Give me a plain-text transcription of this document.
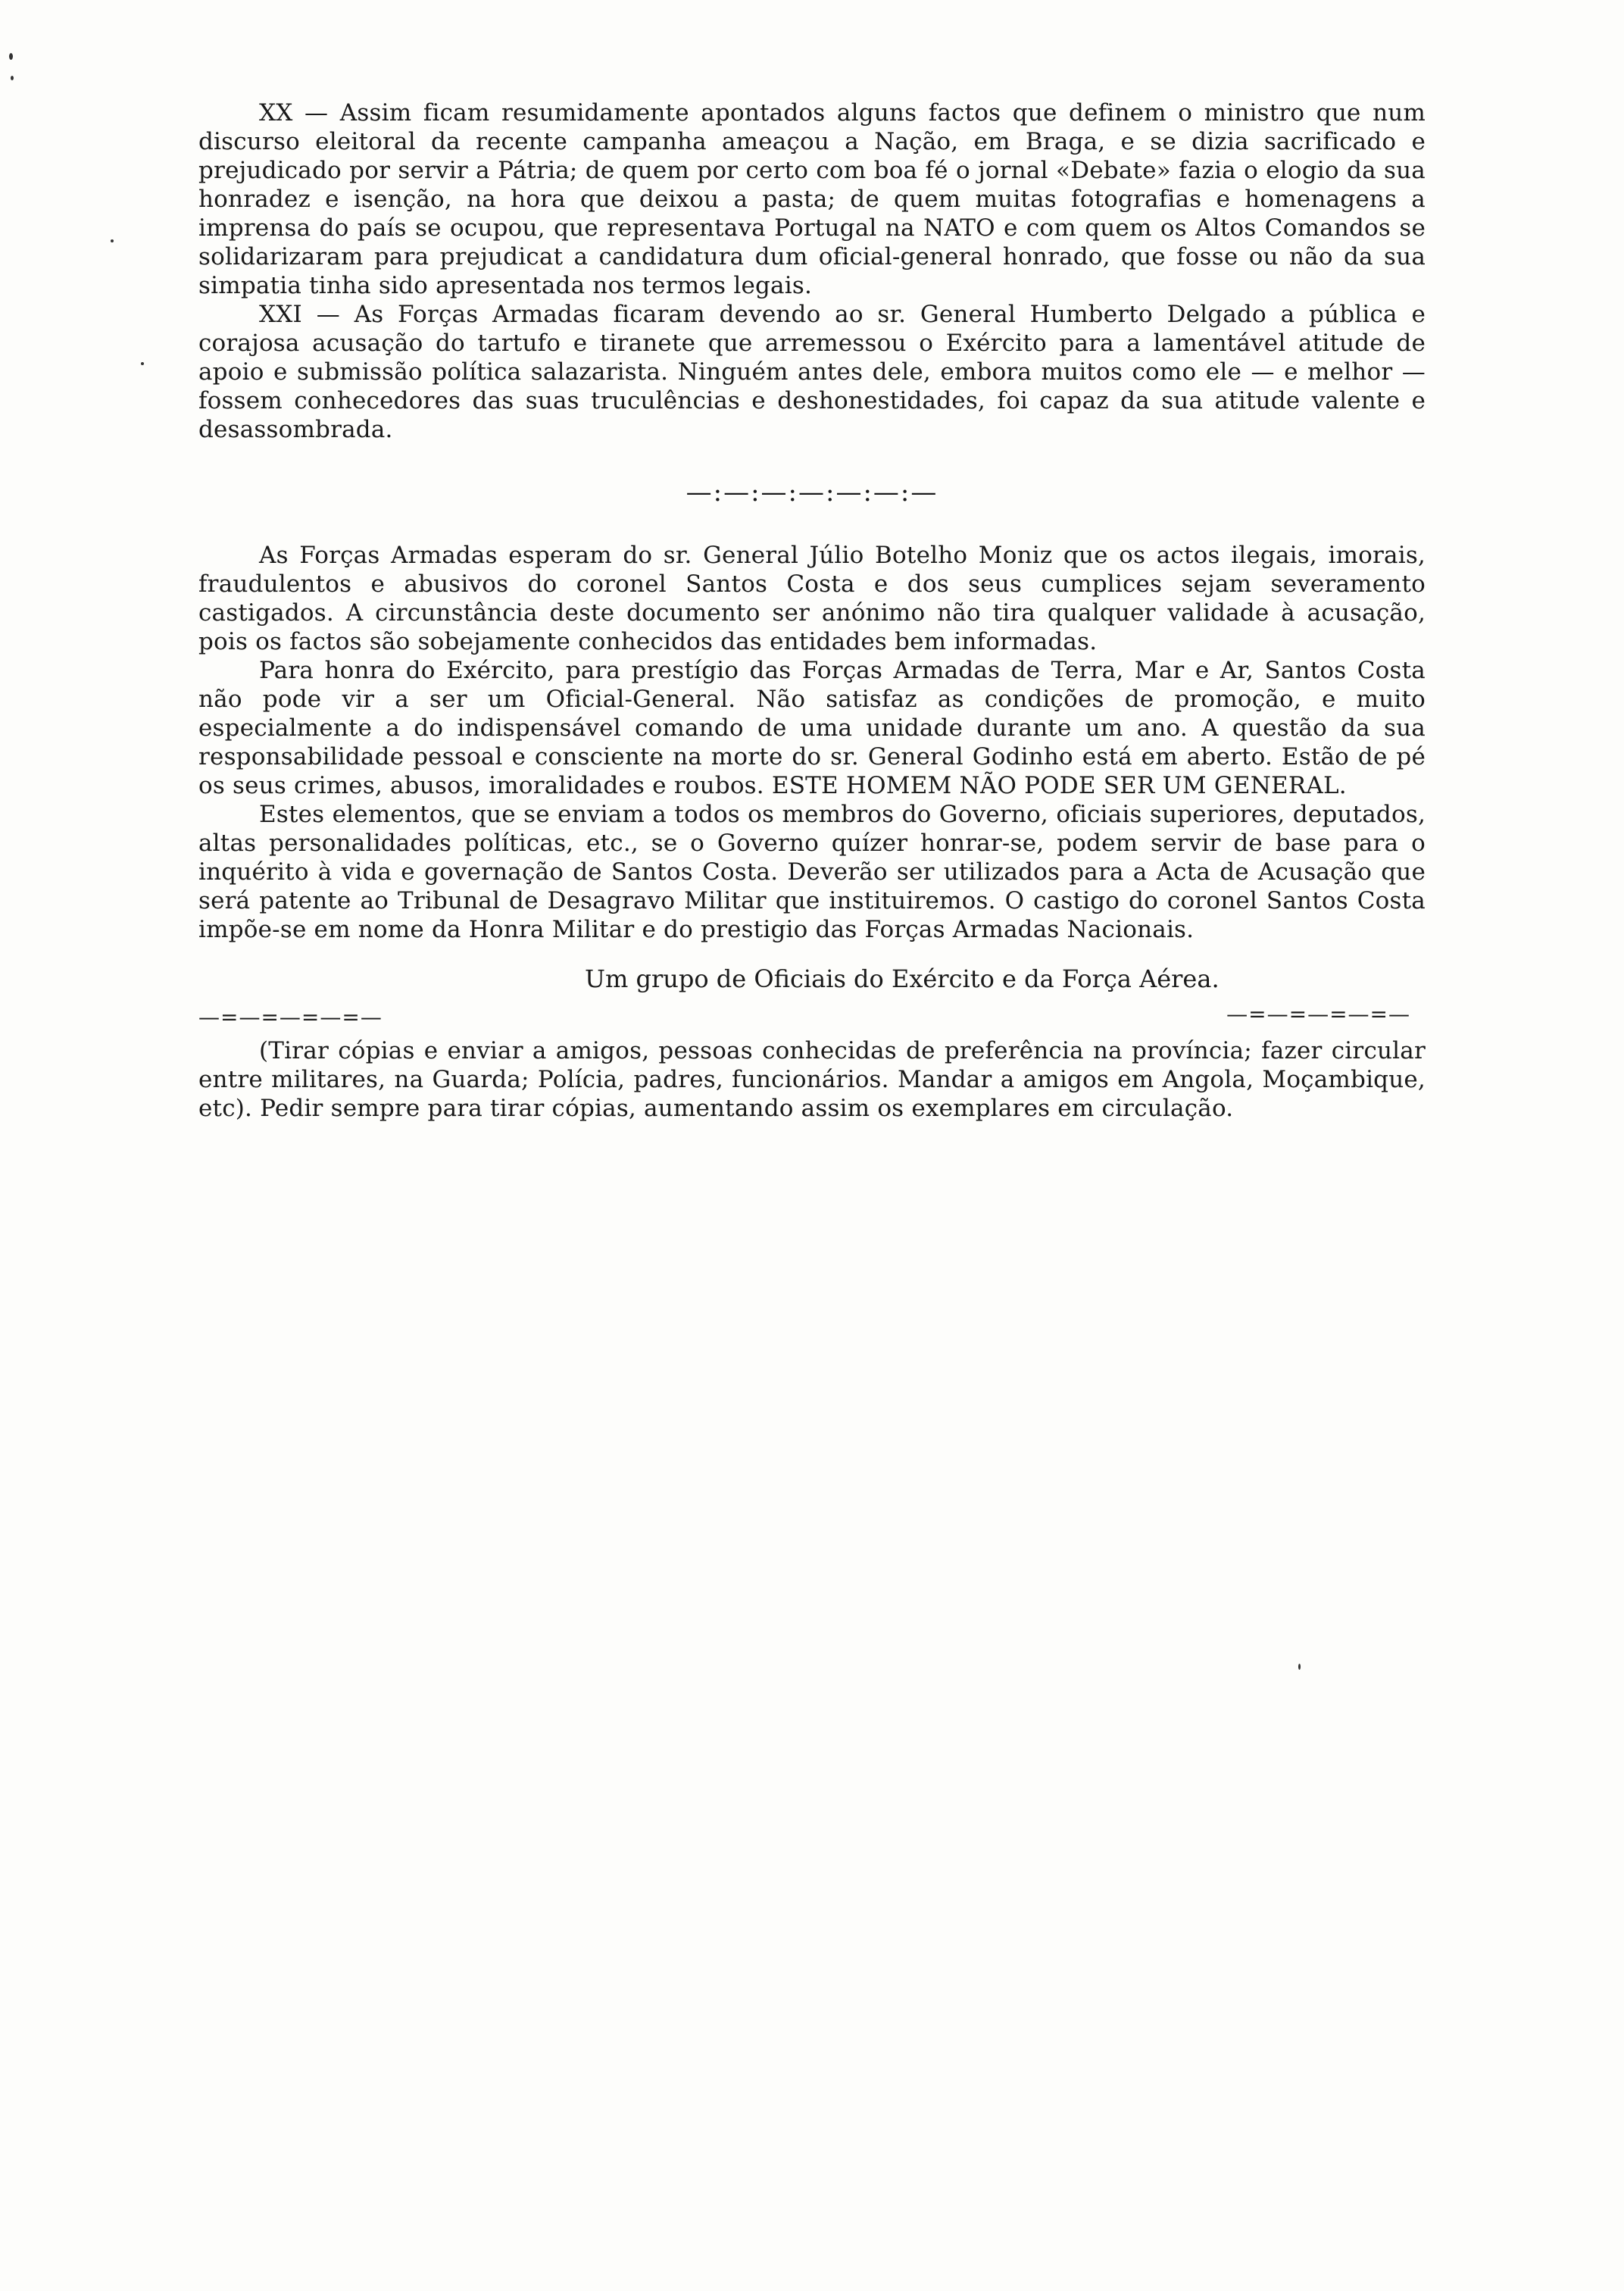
XX — Assim ficam resumidamente apontados alguns factos que definem o ministro que num discurso eleitoral da recente campanha ameaçou a Nação, em Braga, e se dizia sacrificado e prejudicado por servir a Pátria; de quem por certo com boa fé o jornal «Debate» fazia o elogio da sua honradez e isenção, na hora que deixou a pasta; de quem muitas fotografias e homenagens a imprensa do país se ocupou, que representava Portugal na NATO e com quem os Altos Comandos se solidarizaram para prejudicat a candidatura dum oficial-general honrado, que fosse ou não da sua simpatia tinha sido apresentada nos termos legais.

XXI — As Forças Armadas ficaram devendo ao sr. General Humberto Delgado a pública e corajosa acusação do tartufo e tiranete que arremessou o Exército para a lamentável atitude de apoio e submissão política salazarista. Ninguém antes dele, embora muitos como ele — e melhor — fossem conhecedores das suas truculências e deshonestidades, foi capaz da sua atitude valente e desassombrada.

—:—:—:—:—:—:—

As Forças Armadas esperam do sr. General Júlio Botelho Moniz que os actos ilegais, imorais, fraudulentos e abusivos do coronel Santos Costa e dos seus cumplices sejam severamento castigados. A circunstância deste documento ser anónimo não tira qualquer validade à acusação, pois os factos são sobejamente conhecidos das entidades bem informadas.

Para honra do Exército, para prestígio das Forças Armadas de Terra, Mar e Ar, Santos Costa não pode vir a ser um Oficial-General. Não satisfaz as condições de promoção, e muito especialmente a do indispensável comando de uma unidade durante um ano. A questão da sua responsabilidade pessoal e consciente na morte do sr. General Godinho está em aberto. Estão de pé os seus crimes, abusos, imoralidades e roubos. ESTE HOMEM NÃO PODE SER UM GENERAL.

Estes elementos, que se enviam a todos os membros do Governo, oficiais superiores, deputados, altas personalidades políticas, etc., se o Governo quízer honrar-se, podem servir de base para o inquérito à vida e governação de Santos Costa. Deverão ser utilizados para a Acta de Acusação que será patente ao Tribunal de Desagravo Militar que instituiremos. O castigo do coronel Santos Costa impõe-se em nome da Honra Militar e do prestigio das Forças Armadas Nacionais.

Um grupo de Oficiais do Exército e da Força Aérea.
—=—=—=—=—	—=—=—=—=—

(Tirar cópias e enviar a amigos, pessoas conhecidas de preferência na província; fazer circular entre militares, na Guarda; Polícia, padres, funcionários. Mandar a amigos em Angola, Moçambique, etc). Pedir sempre para tirar cópias, aumentando assim os exemplares em circulação.
